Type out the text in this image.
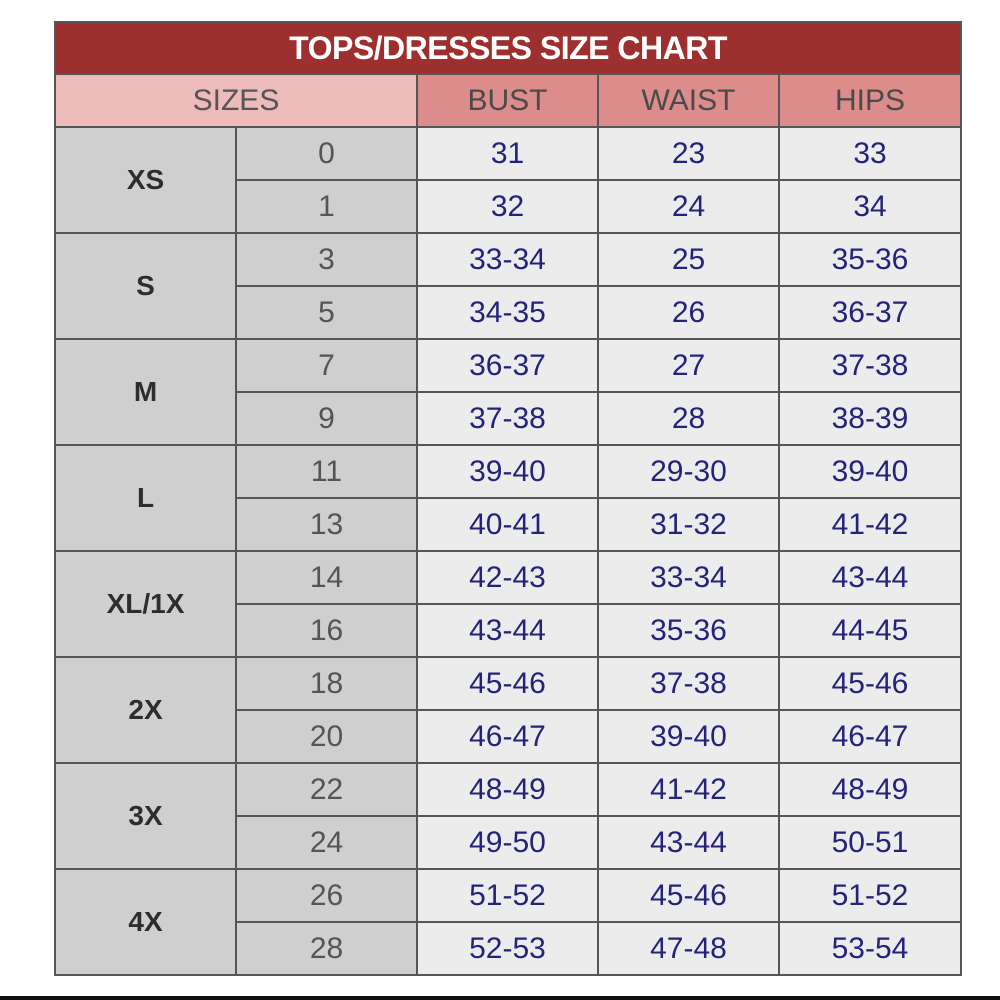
TOPS/DRESSES SIZE CHART				
SIZES		BUST	WAIST	HIPS
XS	0	31	23	33
	1	32	24	34
S	3	33-34	25	35-36
	5	34-35	26	36-37
M	7	36-37	27	37-38
	9	37-38	28	38-39
L	11	39-40	29-30	39-40
	13	40-41	31-32	41-42
XL/1X	14	42-43	33-34	43-44
	16	43-44	35-36	44-45
2X	18	45-46	37-38	45-46
	20	46-47	39-40	46-47
3X	22	48-49	41-42	48-49
	24	49-50	43-44	50-51
4X	26	51-52	45-46	51-52
	28	52-53	47-48	53-54
